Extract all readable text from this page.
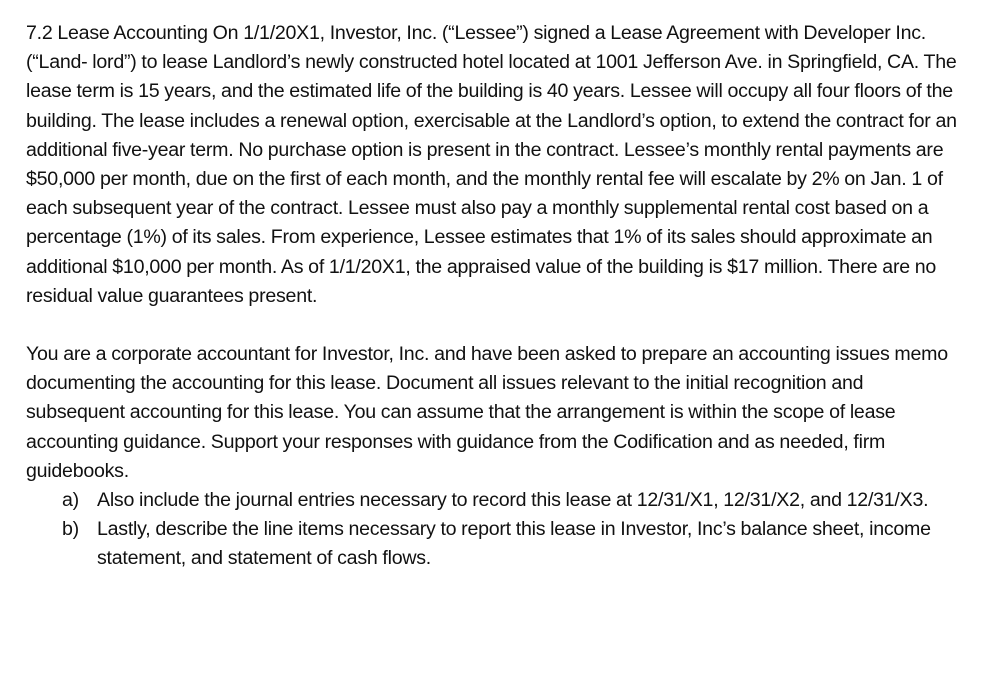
7.2 Lease Accounting On 1/1/20X1, Investor, Inc. (“Lessee”) signed a Lease Agreement with Developer Inc. (“Land- lord”) to lease Landlord’s newly constructed hotel located at 1001 Jefferson Ave. in Springfield, CA. The lease term is 15 years, and the estimated life of the building is 40 years. Lessee will occupy all four floors of the building. The lease includes a renewal option, exercisable at the Landlord’s option, to extend the contract for an additional five-year term. No purchase option is present in the contract. Lessee’s monthly rental payments are $50,000 per month, due on the first of each month, and the monthly rental fee will escalate by 2% on Jan. 1 of each subsequent year of the contract. Lessee must also pay a monthly supplemental rental cost based on a percentage (1%) of its sales. From experience, Lessee estimates that 1% of its sales should approximate an additional $10,000 per month. As of 1/1/20X1, the appraised value of the building is $17 million. There are no residual value guarantees present.

You are a corporate accountant for Investor, Inc. and have been asked to prepare an accounting issues memo documenting the accounting for this lease. Document all issues relevant to the initial recognition and subsequent accounting for this lease. You can assume that the arrangement is within the scope of lease accounting guidance. Support your responses with guidance from the Codification and as needed, firm guidebooks.

a) Also include the journal entries necessary to record this lease at 12/31/X1, 12/31/X2, and 12/31/X3.
b) Lastly, describe the line items necessary to report this lease in Investor, Inc’s balance sheet, income statement, and statement of cash flows.
